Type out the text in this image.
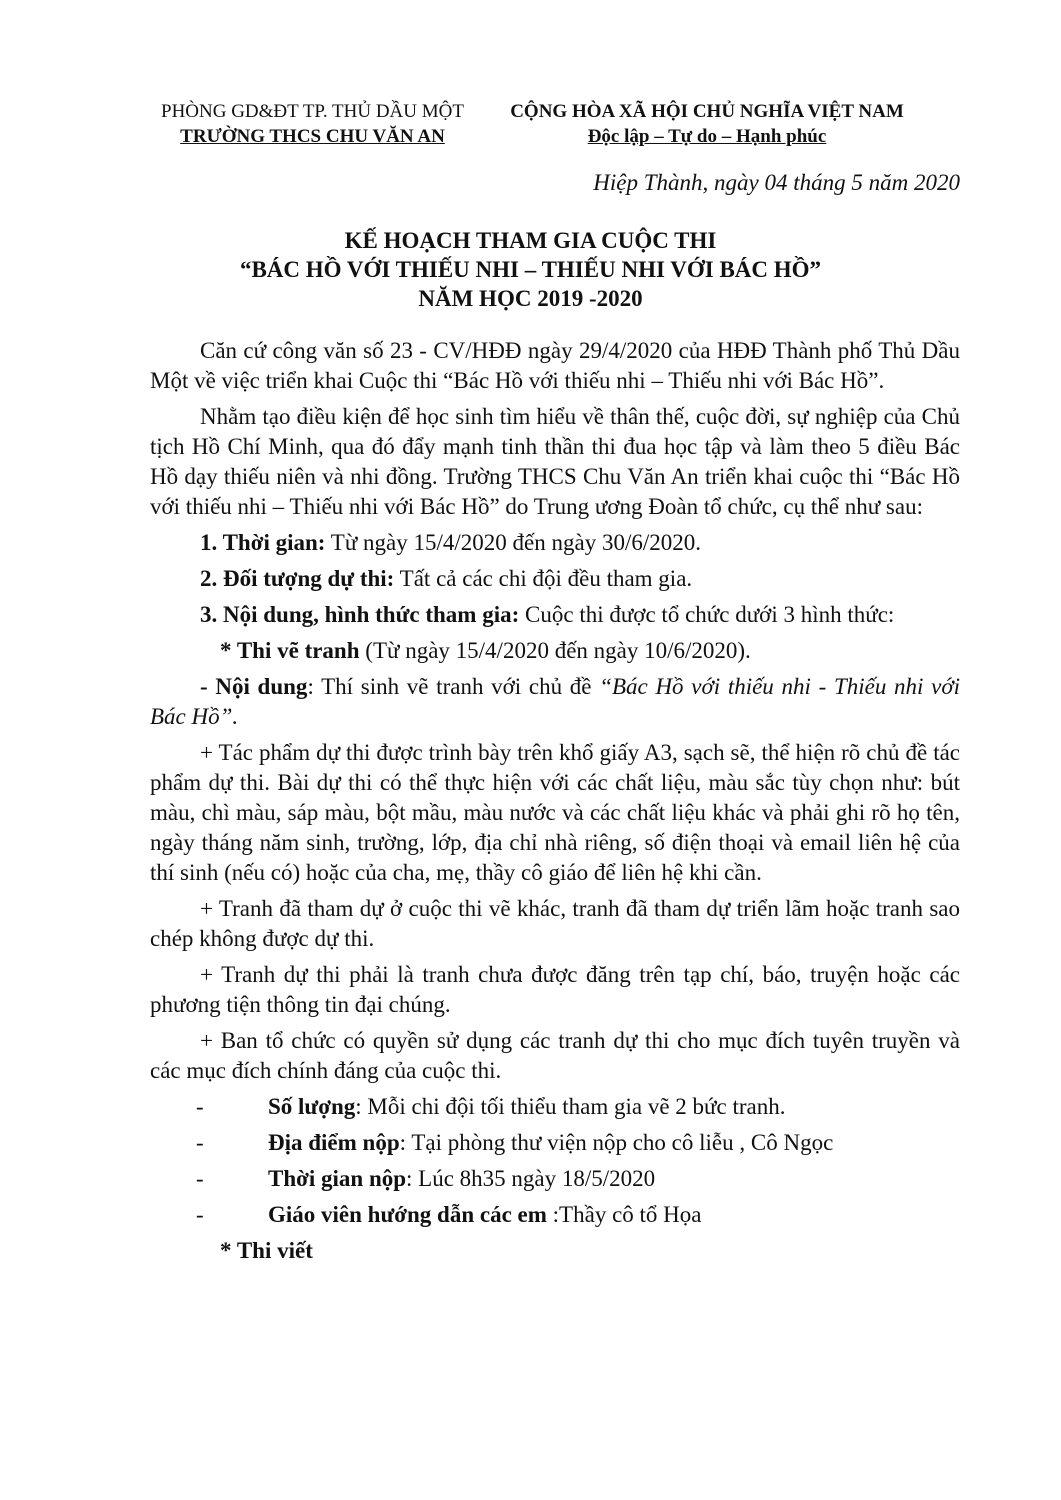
PHÒNG GD&ĐT TP. THỦ DẦU MỘT
TRƯỜNG THCS CHU VĂN AN
CỘNG HÒA XÃ HỘI CHỦ NGHĨA VIỆT NAM
Độc lập – Tự do – Hạnh phúc
Hiệp Thành, ngày 04 tháng 5 năm 2020
KẾ HOẠCH THAM GIA CUỘC THI
“BÁC HỒ VỚI THIẾU NHI – THIẾU NHI VỚI BÁC HỒ”
NĂM HỌC 2019 -2020

Căn cứ công văn số 23 - CV/HĐĐ ngày 29/4/2020 của HĐĐ Thành phố Thủ Dầu Một về việc triển khai Cuộc thi “Bác Hồ với thiếu nhi – Thiếu nhi với Bác Hồ”.

Nhằm tạo điều kiện để học sinh tìm hiểu về thân thế, cuộc đời, sự nghiệp của Chủ tịch Hồ Chí Minh, qua đó đẩy mạnh tinh thần thi đua học tập và làm theo 5 điều Bác Hồ dạy thiếu niên và nhi đồng. Trường THCS Chu Văn An triển khai cuộc thi “Bác Hồ với thiếu nhi – Thiếu nhi với Bác Hồ” do Trung ương Đoàn tổ chức, cụ thể như sau:

1. Thời gian: Từ ngày 15/4/2020 đến ngày 30/6/2020.

2. Đối tượng dự thi: Tất cả các chi đội đều tham gia.

3. Nội dung, hình thức tham gia: Cuộc thi được tổ chức dưới 3 hình thức:

* Thi vẽ tranh (Từ ngày 15/4/2020 đến ngày 10/6/2020).

- Nội dung: Thí sinh vẽ tranh với chủ đề “Bác Hồ với thiếu nhi - Thiếu nhi với Bác Hồ”.

+ Tác phẩm dự thi được trình bày trên khổ giấy A3, sạch sẽ, thể hiện rõ chủ đề tác phẩm dự thi. Bài dự thi có thể thực hiện với các chất liệu, màu sắc tùy chọn như: bút màu, chì màu, sáp màu, bột mầu, màu nước và các chất liệu khác và phải ghi rõ họ tên, ngày tháng năm sinh, trường, lớp, địa chỉ nhà riêng, số điện thoại và email liên hệ của thí sinh (nếu có) hoặc của cha, mẹ, thầy cô giáo để liên hệ khi cần.

+ Tranh đã tham dự ở cuộc thi vẽ khác, tranh đã tham dự triển lãm hoặc tranh sao chép không được dự thi.

+ Tranh dự thi phải là tranh chưa được đăng trên tạp chí, báo, truyện hoặc các phương tiện thông tin đại chúng.

+ Ban tổ chức có quyền sử dụng các tranh dự thi cho mục đích tuyên truyền và các mục đích chính đáng của cuộc thi.

-	Số lượng: Mỗi chi đội tối thiểu tham gia vẽ 2 bức tranh.
-	Địa điểm nộp: Tại phòng thư viện nộp cho cô liễu , Cô Ngọc
-	Thời gian nộp: Lúc 8h35 ngày 18/5/2020
-	Giáo viên hướng dẫn các em :Thầy cô tổ Họa

* Thi viết
